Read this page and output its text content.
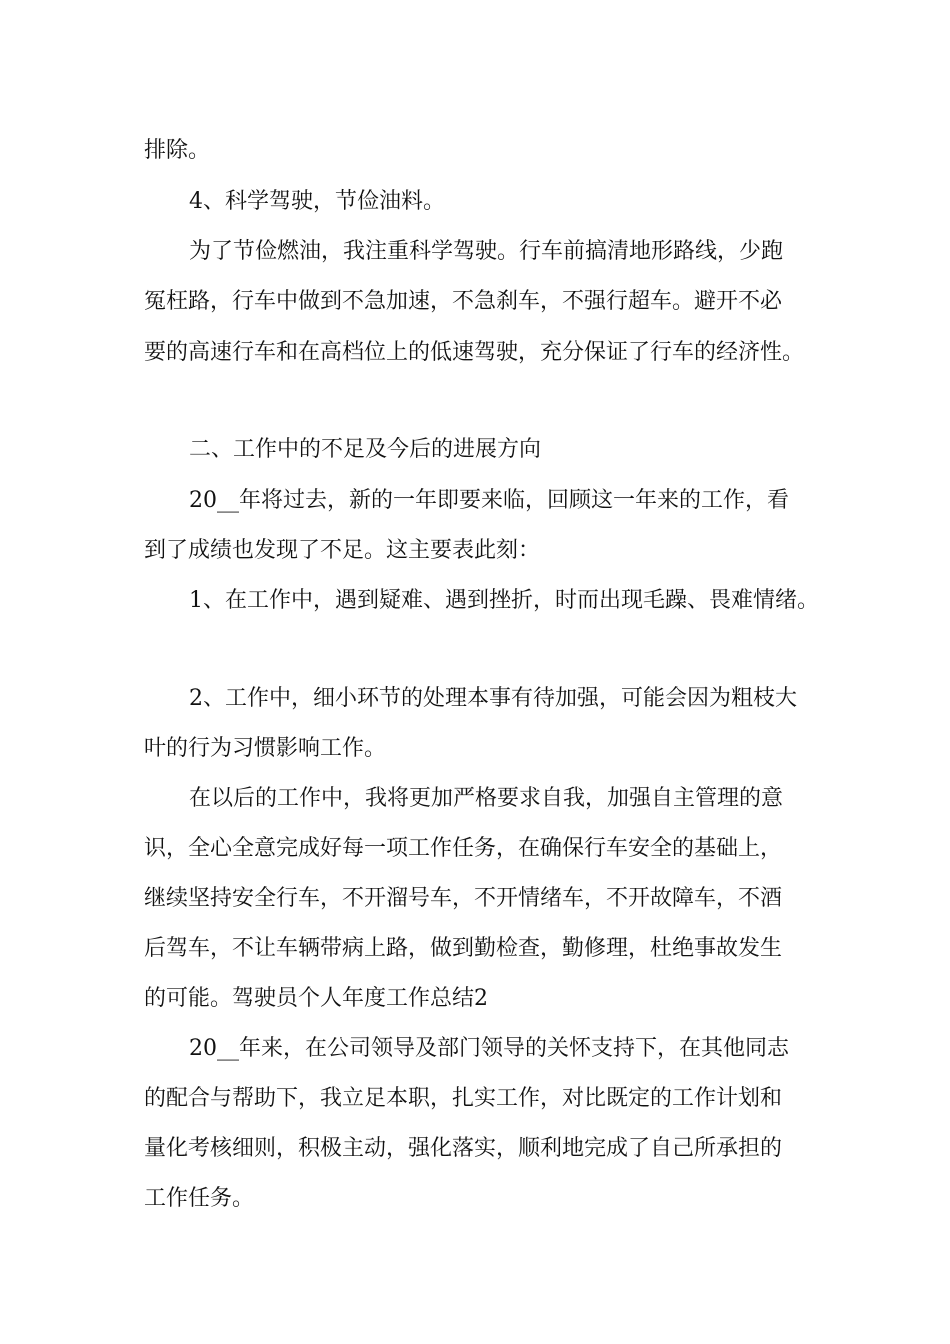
排除。
4、科学驾驶，节俭油料。
为了节俭燃油，我注重科学驾驶。行车前搞清地形路线，少跑
冤枉路，行车中做到不急加速，不急刹车，不强行超车。避开不必
要的高速行车和在高档位上的低速驾驶，充分保证了行车的经济性。
二、工作中的不足及今后的进展方向
20__年将过去，新的一年即要来临，回顾这一年来的工作，看
到了成绩也发现了不足。这主要表此刻：
1、在工作中，遇到疑难、遇到挫折，时而出现毛躁、畏难情绪。
2、工作中，细小环节的处理本事有待加强，可能会因为粗枝大
叶的行为习惯影响工作。
在以后的工作中，我将更加严格要求自我，加强自主管理的意
识，全心全意完成好每一项工作任务，在确保行车安全的基础上，
继续坚持安全行车，不开溜号车，不开情绪车，不开故障车，不酒
后驾车，不让车辆带病上路，做到勤检查，勤修理，杜绝事故发生
的可能。驾驶员个人年度工作总结2
20__年来，在公司领导及部门领导的关怀支持下，在其他同志
的配合与帮助下，我立足本职，扎实工作，对比既定的工作计划和
量化考核细则，积极主动，强化落实，顺利地完成了自己所承担的
工作任务。
